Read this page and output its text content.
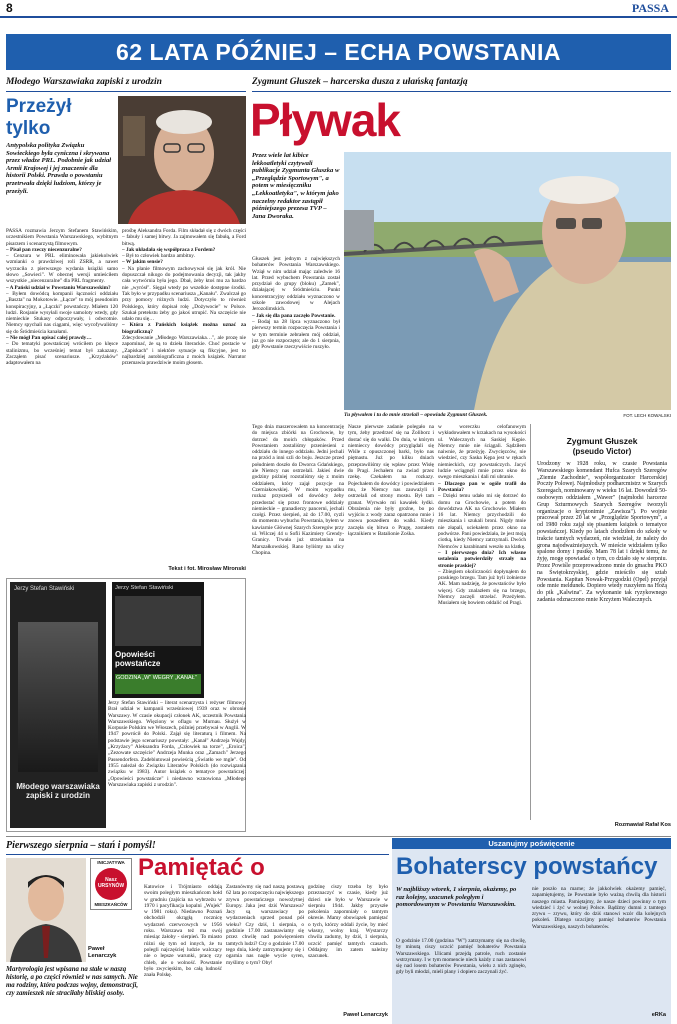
8	PASSA
62 LATA PÓŹNIEJ – ECHA POWSTANIA
Młodego Warszawiaka zapiski z urodzin
Przeżył
tylko
Antypolska polityka Związku Sowieckiego była cyniczna i skrywana przez władze PRL. Podobnie jak udział Armii Krajowej i jej znaczenie dla historii Polski. Prawda o powstaniu przetrwała dzięki ludziom, którzy je przeżyli.

PASSA rozmawia Jerzym Stefanem Stawińskim, uczestnikiem Powstania Warszawskiego, wybitnym pisarzem i scenarzystą filmowym.

– Pisał pan rzeczy niecenzuralne?

– Cenzura w PRL eliminowała jakiekolwiek wzmianki o prawdziwej roli ZSRR, a nawet wyrzuciła z pierwszego wydania książki samo słowo „Sowieci". W obecnej wersji umieściłem wszystkie „niecenzuralne" dla PRL fragmenty.

– A Pański udział w Powstaniu Warszawskim?

– Byłem dowódcą kompanii łączności oddziału „Baszta" na Mokotowie. „Łącze" to mój pseudonim konspiracyjny, a „Łączki" powstańczy. Miałem 120 ludzi. Rosjanie wysyłali swoje samoloty wtedy, gdy niemieckie Stukasy odpoczywały, i odwrotnie. Niemcy spychali nas ciągami, więc wycofywaliśmy się do Śródmieścia kanałami.

– Nie mógł Pan opisać całej prawdy…

– Do tematyki powstańczej wróciłem po klęsce stalinizmu, bo wcześniej temat był zakazany. Zacząłem pisać scenariusze. „Krzyżaków" adaptowałem na

prośbę Aleksandra Forda. Film składał się z dwóch części – fabuły i samej bitwy. Ja zajmowałem się fabułą, a Ford bitwą.

– Jak układała się współpraca z Fordem?

– Był to człowiek bardzo ambitny.

– W jakim sensie?

– Na planie filmowym zachowywał się jak król. Nie dopuszczał nikogo do podejmowania decyzji, tak jakby cała wytwórnia była jego. Dbał, żeby ktoś mu za bardzo nie „wyrósł". Sięgał wtedy po wszelkie dostępne środki. Tak było w przypadku scenariusza „Kanału". Zwalczał go przy pomocy różnych ludzi. Dotyczyło to również Polskiego, który dopisał rolę „Dożywocie" w Polsce. Szukał pretekstu żeby go jakoś utrupić. Na szczęście nie udało mu się…

– Która z Pańskich książek można uznać za biograficzną?

Zdecydowanie „Młodego Warszawiaka…", ale prozę nie zapominać, że są to dzieła literackie. Choć postacie w „Zapiskach" i niektóre sytuacje są fikcyjne, jest to najbardziej autobiograficzna z moich książek. Narrator przemawia prawdziwie moim głosem.

Tekst i fot. Mirosław Mironski
Jerzy Stefan Stawiński
Młodego warszawiaka zapiski z urodzin
Jerzy Stefan Stawiński
Opowieści powstańcze
GODZINA „W" WEGRY „KANAŁ"
Jerzy Stefan Stawiński – literat scenarzysta i reżyser filmowy. Brał udział w kampanii wrześniowej 1939 oraz w obronie Warszawy. W czasie okupacji członek AK, uczestnik Powstania Warszawskiego. Więziony w oflagu w Murnau. Służył w Korpusie Polskim we Włoszech, później przebywał w Anglii. W 1947 powrócił do Polski. Zajął się literaturą i filmem. Na podstawie jego scenariuszy powstały: „Kanał" Andrzeja Wajdy, „Krzyżacy" Aleksandra Forda, „Człowiek na torze", „Eroica", „Zezowate szczęście" Andrzeja Munka oraz „Zamach" Jerzego Passendorfera. Zadebiutował powieścią „Światło we mgle". Od 1955 należał do Związku Literatów Polskich (do rozwiązania związku w 1983). Autor książek o tematyce powstańczej: „Opowieści powstańcze" i niedawno wznowiona „Młodego Warszawiaka zapiski z urodzin".
Zygmunt Głuszek – harcerska dusza z ułańską fantazją
Pływak
Przez wiele lat kibice lekkoatletyki czytywali publikacje Zygmunta Głuszka w „Przeglądzie Sportowym", a potem w miesięczniku „Lekkoatletyka", w którym jako naczelny redaktor zastąpił późniejszego prezesa TVP – Jana Dworaka.

Głuszek jest jednym z największych bohaterów Powstania Warszawskiego. Wziął w nim udział mając zaledwie 16 lat. Przed wybuchem Powstania został przydział do grupy (bloku) „Zamek", działającej w Śródmieściu. Punkt koncentracyjny oddziału wyznaczono w szkole zawodowej w Alejach Jerozolimskich.

– Jak się dla pana zaczęło Powstanie.

– Bodaj na 28 lipca wyznaczono był pierwszy termin rozpoczęcia Powstania i w tym terminie zebrałem mój oddział, juz go nie rozpoczęto; ale do 1 sierpnia, gdy Powstanie rzeczywiście ruszyło.

Tu pływałem i tu do mnie strzelali – opowiada Zygmunt Głuszek.	FOT. LECH KOWALSKI
Tego dnia maszerowałem na koncentrację do miejsca zbiórki na Grochowie, by dotrzeć do moich chłopaków. Przed Powstaniem zostaliśmy przeniesieni z oddziału do innego oddziału. Jedni jechali na przód a inni szli do boju. Jeszcze przed południem doszło do Dworca Gdańskiego, ale Niemcy nas ostrzelali. Jakieś dwie godziny później rozstaliśmy się z moim oddziałem, który zajął pozycje na Czerniakowskiej. W moim wypadku rozkaz przyszedł od dowódcy żeby przedostać się przez frontowe oddziały niemieckie – granadierzy pancerni, jechali czołgi. Przez sierpień, aż do 17.00, cyzli do momentu wybuchu Powstania, byłem w kawiarnie Głównej Szarych Szeregów przy ul. Wilczej 44 u Sofii Kazimiery Grendy-Granicy. Trwała już strzelanina na Marszałkowskiej. Rano byliśmy na ulicy Chopina.
Nasze pierwsze zadanie polegało na tym, żeby przedrzeć się na Żoliborz i dostać się do walki. Do dnia, w którym niemieccy dowódcy przyglądali się Wiśle z opuszczonej barki, było nas piętnastu. Już po kilku dniach przeprawiliśmy się wpław przez Wisłę do Pragi. Jechałem na zwiad przez rzekę. Czekałem na rozkazy. Pojechałem do dowódcy i powiedziałem mu, że Niemcy nas zauważyli i ostrzelali od strony mostu. Był tam granat. Wyrwało mi kawałek łydki. Obrażenia nie były groźne, bo po wyjściu z wody zaraz opatrzono mnie i znowu poszedłem do walki. Kiedy zaczęła się bitwa o Pragę, zostałem łącznikiem w Batalionie Zośka.

w woreczku celofanowym wykładowałem w krzakach na wysokości ul. Walecznych na Saskiej Kępie. Niemcy mnie nie ściągali. Sądziłem naiwnie, że przeżyję. Zwycięzców, nie wiedzieć, czy Saska Kępa jest w rękach niemieckich, czy powstańczych. Jacyś ludzie wciągnęli mnie przez okno do swego mieszkania i dali mi ubranie.

– Dlaczego pan w ogóle trafił do Powstania?

– Dzięki temu udało mi się dotrzeć do domu na Grochowie, a potem do dowództwa AK na Grochowie. Miałem 16 lat. Niemcy przychodzili do mieszkania i szukali broni. Nigdy mnie nie złapali, uciekałem przez okno na podwórze. Pani powiedziała, że jest moją ciotką, kiedy Niemcy zatrzymali. Dwóch Niemców z karabinami weszło na klatkę.

– I pierwszego dnia? Ich własne ustalenia potwierdziły strzały na stronie praskiej?

– Zbiegiem okoliczności dopłynąłem do praskiego brzegu. Tam już byli żołnierze AK. Mam nadzieję, że powstańców było więcej. Gdy znalazłem się na brzegu, Niemcy zaczęli strzelać. Przeżyłem. Musiałem się bowiem oddalić od Pragi.

Zygmunt Głuszek
(pseudo Victor)
Urodzony w 1928 roku, w czasie Powstania Warszawskiego komendant Hufca Szarych Szeregów „Ziemie Zachodnie", współorganizator Harcerskiej Poczty Polowej. Najmłodszy podharcmistrz w Szarych Szeregach, nominowany w wieku 16 lat. Dowodził 50-osobowym oddziałem „Wawer" (najmłodsi harcerze Grup Szturmowych Szarych Szeregów tworzyli organizacje o kryptonimie „Zawisza"). Po wojnie pracował przez 20 lat w „Przeglądzie Sportowym", a od 1980 roku zajął się pisaniem książek o tematyce powstańczej. Kiedy po latach chodziłem do szkoły w trakcie tamtych wydarzeń, nie wiedział, że należy do grona najodważniejszych. W mieście widziałem tylko spalone domy i pustkę. Mam 78 lat i dzięki temu, że żyję, mogę opowiadać o tym, co działo się w sierpniu. Przez Powiśle przeprowadzono mnie do gmachu PKO na Świętokrzyskiej, gdzie mieściło się sztab Powstania. Kapitan Nowak-Przygodzki (Opel) przyjął ode mnie meldunek. Dopiero wtedy ruszyłem na Hożą do pik „Kalwina". Za wykonanie tak ryzykownego zadania odznaczono mnie Krzyżem Walecznych.
Rozmawiał Rafał Kos
Pierwszego sierpnia – stań i pomyśl!
INICJATYWA
Nasz URSYNÓW
MIESZKAŃCÓW
Paweł Lenarczyk
Pamiętać o
Martyrologia jest wpisana na stałe w naszą historię, a po części również w nas samych. Nie ma rodziny, która podczas wojny, demonstracji, czy zamieszek nie straciłaby bliskiej osoby.
Katowice i Trójmiasto oddają swoim poległym mieszkańcom hołd w grudniu (zajścia na wybrzeżu w 1970 i pacyfikacja kopalni „Wujek" w 1981 roku). Niedawno Poznań obchodził okrągłą rocznicę wydarzeń czerwcowych w 1956 roku. Warszawa też ma swój miesiąc żałoby - sierpień. To miasto różni się tym od innych, że tu polegli najczęściej ludzie walczący nie o lepsze warunki, pracę czy chleb, ale o wolność. Powstanie było zwycięskim, bo całą ludność znała Polskę.
Zastanówmy się nad naszą postawą 62 lata po rozpoczęciu największego zrywu powstańczego nowożytnej Europy. Jaka jest dziś Warszawa? Jacy są warszawiacy po wydarzeniach sprzed ponad pół wieku? Czy dziś, 1 sierpnia, o godzinie 17.00 zastanawiamy się przez chwilę nad poświęceniem tamtych ludzi? Czy o godzinie 17.00 tego dnia, kiedy zatrzymujemy się i ogarnia nas nagłe wycie syren, myślimy o tym? Oby!
godzinę ciszy trzeba by było przeznaczyć w czasie, kiedy już dzieci nie było w Warszawie w sierpniu 1944. Jakby przyszłe pokolenia zapomniały o tamtym okresie. Mamy obowiązek pamiętać o tych, którzy oddali życie, by mieć własny, wolny kraj. Wystarczy chwila zadumy, by dziś, 1 sierpnia, uczcić pamięć tamtych czasach. Oddajmy im zatem należny szacunek.
Paweł Lenarczyk
Uszanujmy poświęcenie
Bohaterscy powstańcy
W najbliższy wtorek, 1 sierpnia, okażemy, po raz kolejny, szacunek poległym i pomordowanym w Powstaniu Warszawskim.
O godzinie 17.00 (godzina "W") zatrzymamy się na chwilę, by minutą ciszy uczcić pamięć bohaterów Powstania Warszawskiego. Ulicami przejdą patrole, ruch zostanie wstrzymany. I w tym momencie niech każdy z nas zastanowi się nad losem bohaterów Powstania, wielu z nich zginęło, gdy byli młodzi, mieli plany i dopiero zaczynali żyć.
nie poszło na marne; że jakkolwiek okażemy pamięć, zapamiętujemy, że Powstanie było ważną chwilą dla historii naszego miasta. Pamiętajmy, że nasze dzieci powinny o tym wiedzieć i żyć w wolnej Polsce. Bądźmy dumni z tamtego zrywu – zrywu, który do dziś stanowi wzór dla kolejnych pokoleń. Dlatego uczcijmy pamięć bohaterów Powstania Warszawskiego, naszych bohaterów.
eRKa
